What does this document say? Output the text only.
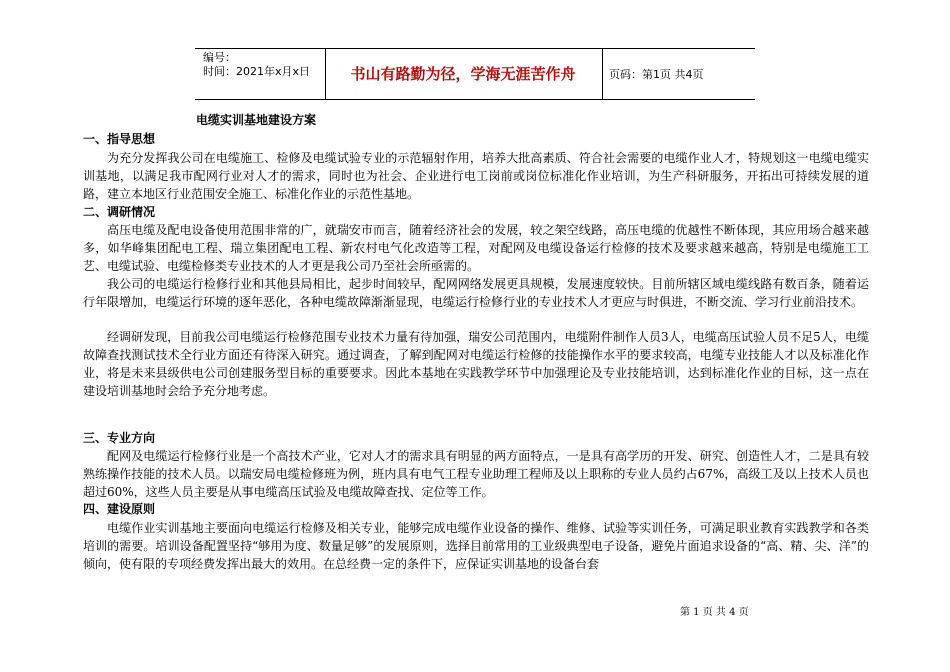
编号：
时间：2021年x月x日	书山有路勤为径，学海无涯苦作舟	页码：第1页 共4页
电缆实训基地建设方案
一、指导思想
为充分发挥我公司在电缆施工、检修及电缆试验专业的示范辐射作用，培养大批高素质、符合社会需要的电缆作业人才，特规划这一电缆电缆实训基地，以满足我市配网行业对人才的需求，同时也为社会、企业进行电工岗前或岗位标准化作业培训，为生产科研服务，开拓出可持续发展的道路，建立本地区行业范围安全施工、标准化作业的示范性基地。
二、调研情况
高压电缆及配电设备使用范围非常的广，就瑞安市而言，随着经济社会的发展，较之架空线路，高压电缆的优越性不断体现，其应用场合越来越多，如华峰集团配电工程、瑞立集团配电工程、新农村电气化改造等工程，对配网及电缆设备运行检修的技术及要求越来越高，特别是电缆施工工艺、电缆试验、电缆检修类专业技术的人才更是我公司乃至社会所亟需的。
我公司的电缆运行检修行业和其他县局相比，起步时间较早，配网网络发展更具规模，发展速度较快。目前所辖区域电缆线路有数百条，随着运行年限增加，电缆运行环境的逐年恶化，各种电缆故障渐渐显现，电缆运行检修行业的专业技术人才更应与时俱进，不断交流、学习行业前沿技术。
经调研发现，目前我公司电缆运行检修范围专业技术力量有待加强，瑞安公司范围内，电缆附件制作人员3人，电缆高压试验人员不足5人，电缆故障查找测试技术全行业方面还有待深入研究。通过调查，了解到配网对电缆运行检修的技能操作水平的要求较高，电缆专业技能人才以及标准化作业，将是未来县级供电公司创建服务型目标的重要要求。因此本基地在实践教学环节中加强理论及专业技能培训，达到标准化作业的目标，这一点在建设培训基地时会给予充分地考虑。
三、专业方向
配网及电缆运行检修行业是一个高技术产业，它对人才的需求具有明显的两方面特点，一是具有高学历的开发、研究、创造性人才，二是具有较熟练操作技能的技术人员。以瑞安局电缆检修班为例，班内具有电气工程专业助理工程师及以上职称的专业人员约占67%，高级工及以上技术人员也超过60%，这些人员主要是从事电缆高压试验及电缆故障查找、定位等工作。
四、建设原则
电缆作业实训基地主要面向电缆运行检修及相关专业，能够完成电缆作业设备的操作、维修、试验等实训任务，可满足职业教育实践教学和各类培训的需要。培训设备配置坚持“够用为度、数量足够”的发展原则，选择目前常用的工业级典型电子设备，避免片面追求设备的“高、精、尖、洋”的倾向，使有限的专项经费发挥出最大的效用。在总经费一定的条件下，应保证实训基地的设备台套
第 1 页 共 4 页
